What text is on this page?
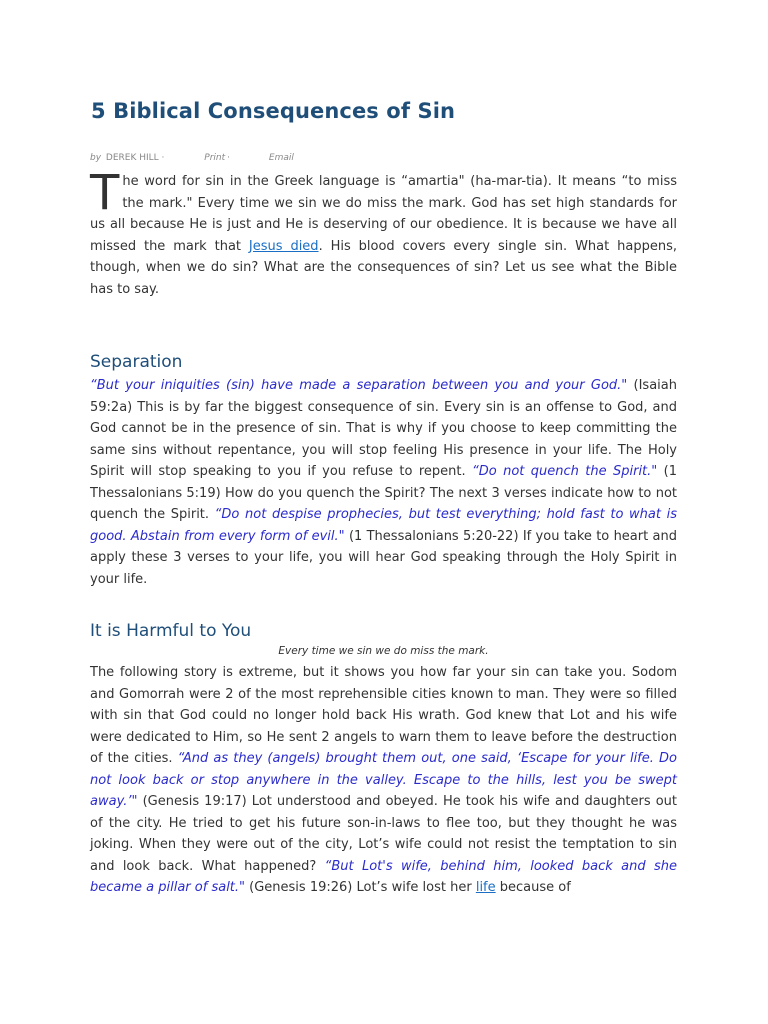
5 Biblical Consequences of Sin
by DEREK HILL ·	Print ·	Email

The word for sin in the Greek language is “amartia" (ha-mar-tia). It means “to miss the mark." Every time we sin we do miss the mark. God has set high standards for us all because He is just and He is deserving of our obedience. It is because we have all missed the mark that Jesus died. His blood covers every single sin. What happens, though, when we do sin? What are the consequences of sin? Let us see what the Bible has to say.

Separation

“But your iniquities (sin) have made a separation between you and your God." (Isaiah 59:2a) This is by far the biggest consequence of sin. Every sin is an offense to God, and God cannot be in the presence of sin. That is why if you choose to keep committing the same sins without repentance, you will stop feeling His presence in your life. The Holy Spirit will stop speaking to you if you refuse to repent. “Do not quench the Spirit." (1 Thessalonians 5:19) How do you quench the Spirit? The next 3 verses indicate how to not quench the Spirit. “Do not despise prophecies, but test everything; hold fast to what is good. Abstain from every form of evil." (1 Thessalonians 5:20-22) If you take to heart and apply these 3 verses to your life, you will hear God speaking through the Holy Spirit in your life.

It is Harmful to You
Every time we sin we do miss the mark.

The following story is extreme, but it shows you how far your sin can take you. Sodom and Gomorrah were 2 of the most reprehensible cities known to man. They were so filled with sin that God could no longer hold back His wrath. God knew that Lot and his wife were dedicated to Him, so He sent 2 angels to warn them to leave before the destruction of the cities. “And as they (angels) brought them out, one said, ‘Escape for your life. Do not look back or stop anywhere in the valley. Escape to the hills, lest you be swept away.’" (Genesis 19:17) Lot understood and obeyed. He took his wife and daughters out of the city. He tried to get his future son-in-laws to flee too, but they thought he was joking. When they were out of the city, Lot’s wife could not resist the temptation to sin and look back. What happened? “But Lot's wife, behind him, looked back and she became a pillar of salt." (Genesis 19:26) Lot’s wife lost her life because of
